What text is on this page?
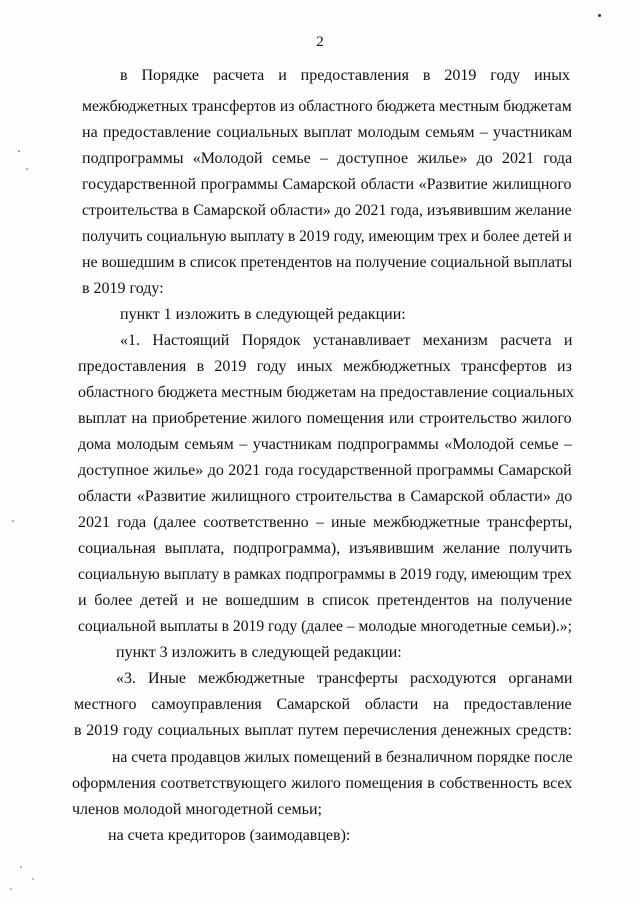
2
в Порядке расчета и предоставления в 2019 году иных
межбюджетных трансфертов из областного бюджета местным бюджетам
на предоставление социальных выплат молодым семьям – участникам
подпрограммы «Молодой семье – доступное жилье» до 2021 года
государственной программы Самарской области «Развитие жилищного
строительства в Самарской области» до 2021 года, изъявившим желание
получить социальную выплату в 2019 году, имеющим трех и более детей и
не вошедшим в список претендентов на получение социальной выплаты
в 2019 году:
пункт 1 изложить в следующей редакции:
«1. Настоящий Порядок устанавливает механизм расчета и
предоставления в 2019 году иных межбюджетных трансфертов из
областного бюджета местным бюджетам на предоставление социальных
выплат на приобретение жилого помещения или строительство жилого
дома молодым семьям – участникам подпрограммы «Молодой семье –
доступное жилье» до 2021 года государственной программы Самарской
области «Развитие жилищного строительства в Самарской области» до
2021 года (далее соответственно – иные межбюджетные трансферты,
социальная выплата, подпрограмма), изъявившим желание получить
социальную выплату в рамках подпрограммы в 2019 году, имеющим трех
и более детей и не вошедшим в список претендентов на получение
социальной выплаты в 2019 году (далее – молодые многодетные семьи).»;
пункт 3 изложить в следующей редакции:
«3. Иные межбюджетные трансферты расходуются органами
местного самоуправления Самарской области на предоставление
в 2019 году социальных выплат путем перечисления денежных средств:
на счета продавцов жилых помещений в безналичном порядке после
оформления соответствующего жилого помещения в собственность всех
членов молодой многодетной семьи;
на счета кредиторов (заимодавцев):
